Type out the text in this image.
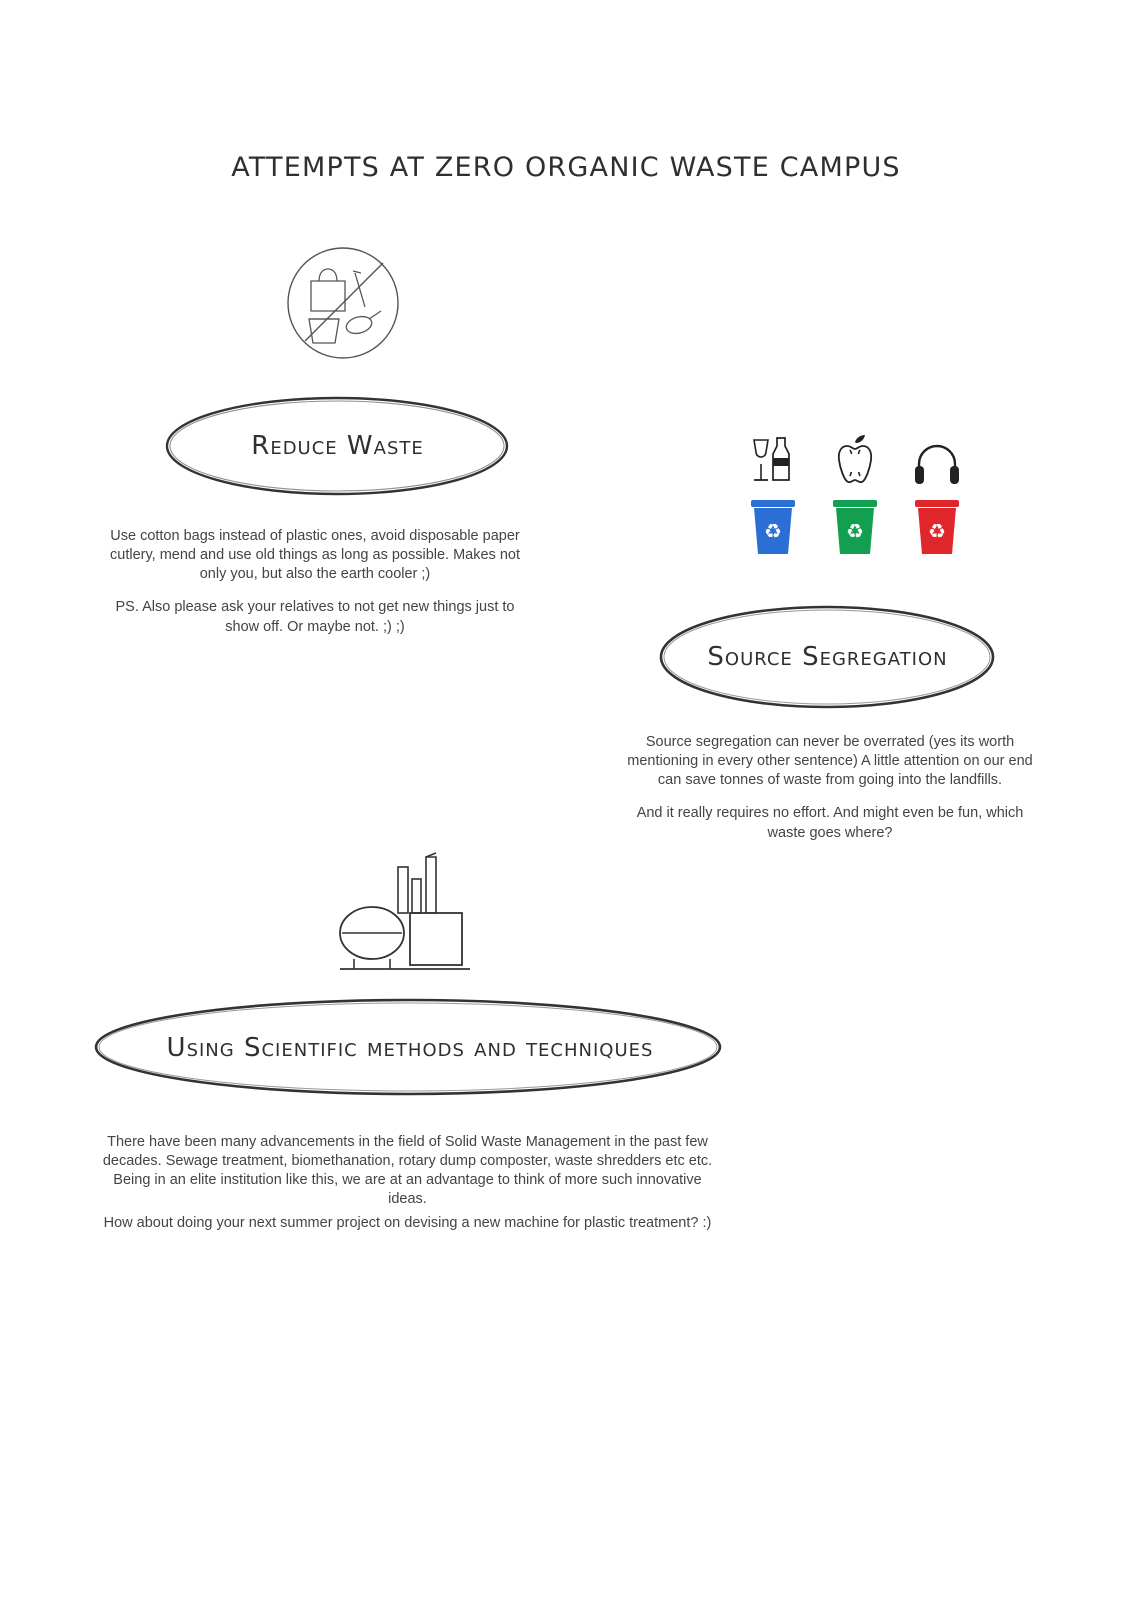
ATTEMPTS AT ZERO ORGANIC WASTE CAMPUS
Reduce Waste

Use cotton bags instead of plastic ones, avoid disposable paper cutlery, mend and use old things as long as possible. Makes not only you, but also the earth cooler ;)

PS. Also please ask your relatives to not get new things just to show off. Or maybe not. ;) ;)

♻	♻	♻
Source Segregation

Source segregation can never be overrated (yes its worth mentioning in every other sentence) A little attention on our end can save tonnes of waste from going into the landfills.

And it really requires no effort. And might even be fun, which waste goes where?

Using Scientific methods and techniques

There have been many advancements in the field of Solid Waste Management in the past few decades. Sewage treatment, biomethanation, rotary dump composter, waste shredders etc etc. Being in an elite institution like this, we are at an advantage to think of more such innovative ideas.

How about doing your next summer project on devising a new machine for plastic treatment? :)
